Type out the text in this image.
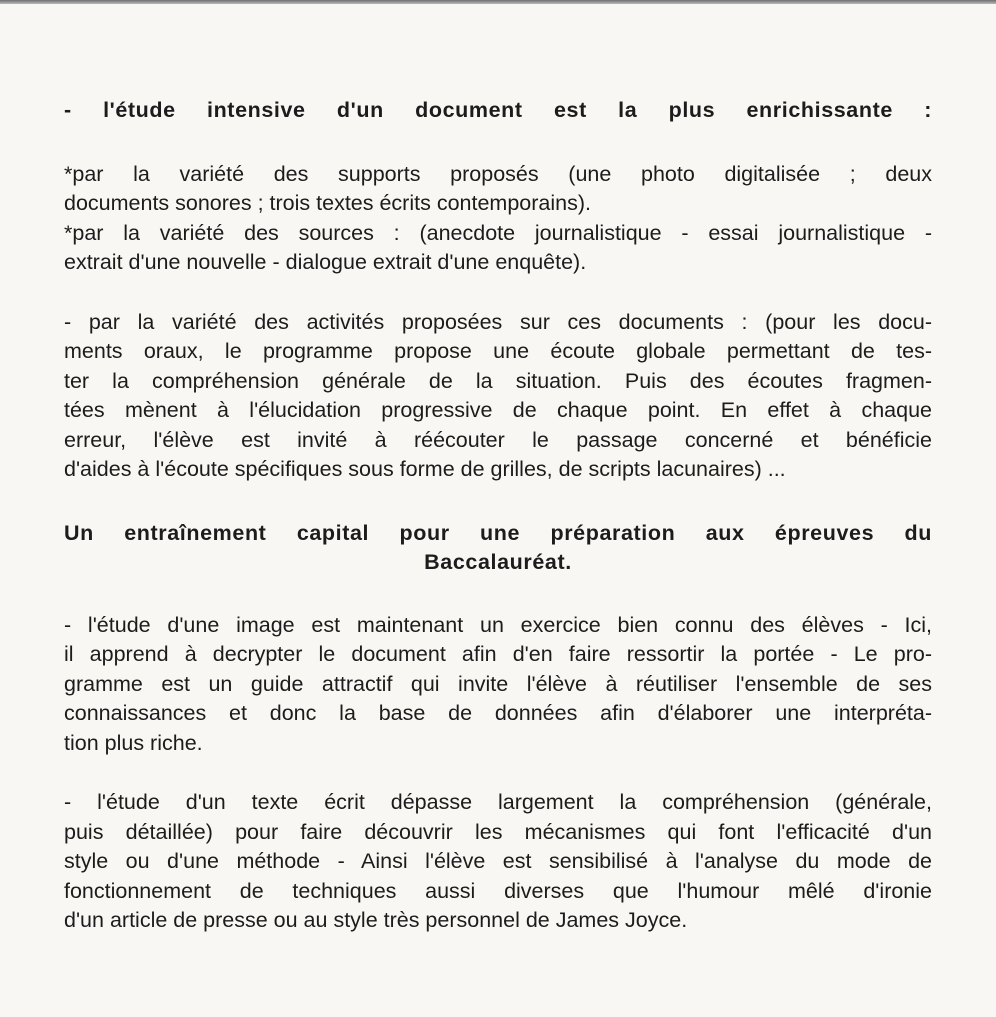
- l'étude intensive d'un document est la plus enrichissante :
*par la variété des supports proposés (une photo digitalisée ; deux
documents sonores ; trois textes écrits contemporains).
*par la variété des sources : (anecdote journalistique - essai journalistique -
extrait d'une nouvelle - dialogue extrait d'une enquête).
- par la variété des activités proposées sur ces documents : (pour les docu-
ments oraux, le programme propose une écoute globale permettant de tes-
ter la compréhension générale de la situation. Puis des écoutes fragmen-
tées mènent à l'élucidation progressive de chaque point. En effet à chaque
erreur, l'élève est invité à réécouter le passage concerné et bénéficie
d'aides à l'écoute spécifiques sous forme de grilles, de scripts lacunaires) ...
Un entraînement capital pour une préparation aux épreuves du
Baccalauréat.
- l'étude d'une image est maintenant un exercice bien connu des élèves - Ici,
il apprend à decrypter le document afin d'en faire ressortir la portée - Le pro-
gramme est un guide attractif qui invite l'élève à réutiliser l'ensemble de ses
connaissances et donc la base de données afin d'élaborer une interpréta-
tion plus riche.
- l'étude d'un texte écrit dépasse largement la compréhension (générale,
puis détaillée) pour faire découvrir les mécanismes qui font l'efficacité d'un
style ou d'une méthode - Ainsi l'élève est sensibilisé à l'analyse du mode de
fonctionnement de techniques aussi diverses que l'humour mêlé d'ironie
d'un article de presse ou au style très personnel de James Joyce.
